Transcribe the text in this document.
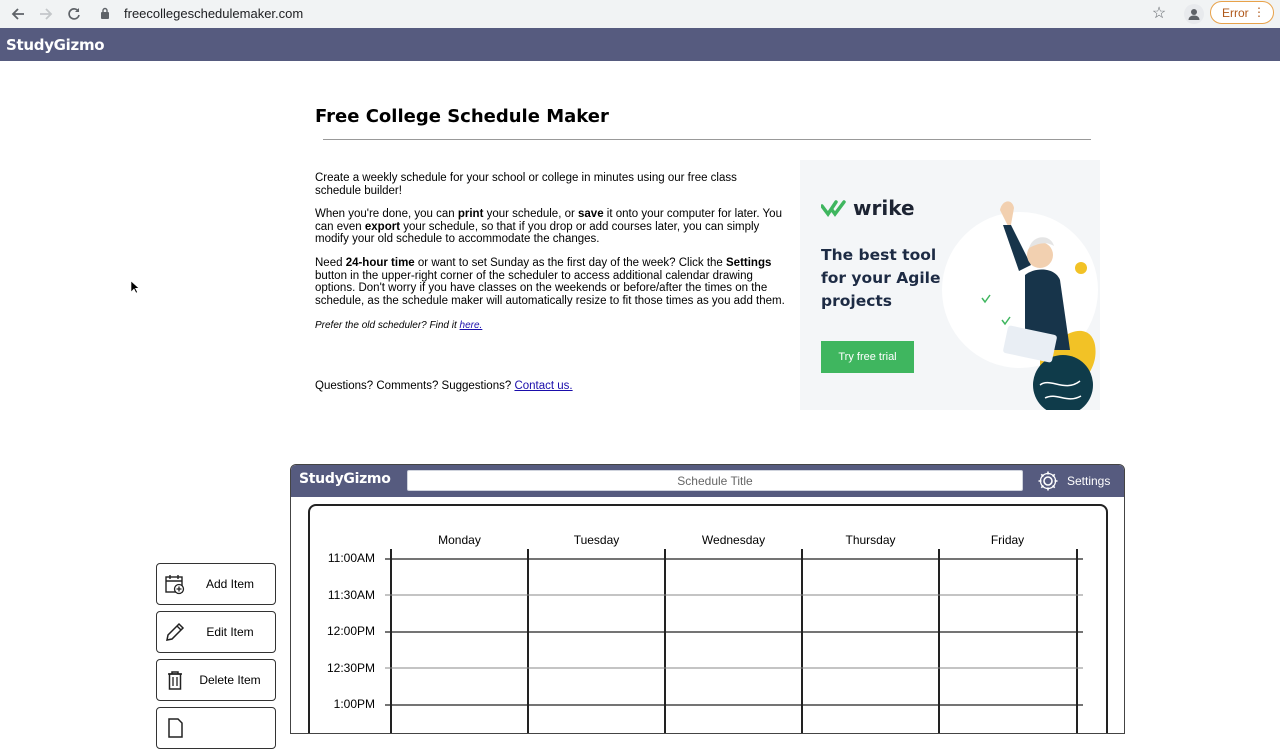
freecollegeschedulemaker.com	☆	Error ⋮
StudyGizmo
Free College Schedule Maker

Create a weekly schedule for your school or college in minutes using our free class schedule builder!

When you're done, you can print your schedule, or save it onto your computer for later. You can even export your schedule, so that if you drop or add courses later, you can simply modify your old schedule to accommodate the changes.

Need 24-hour time or want to set Sunday as the first day of the week? Click the Settings button in the upper-right corner of the scheduler to access additional calendar drawing options. Don't worry if you have classes on the weekends or before/after the times on the schedule, as the schedule maker will automatically resize to fit those times as you add them.

Prefer the old scheduler? Find it here.

Questions? Comments? Suggestions? Contact us.
wrike
The best tool for your Agile projects
Try free trial
StudyGizmo	Schedule Title	Settings
Monday	Tuesday	Wednesday	Thursday	Friday
11:00AM
11:30AM
12:00PM
12:30PM
1:00PM
Add Item
Edit Item
Delete Item
